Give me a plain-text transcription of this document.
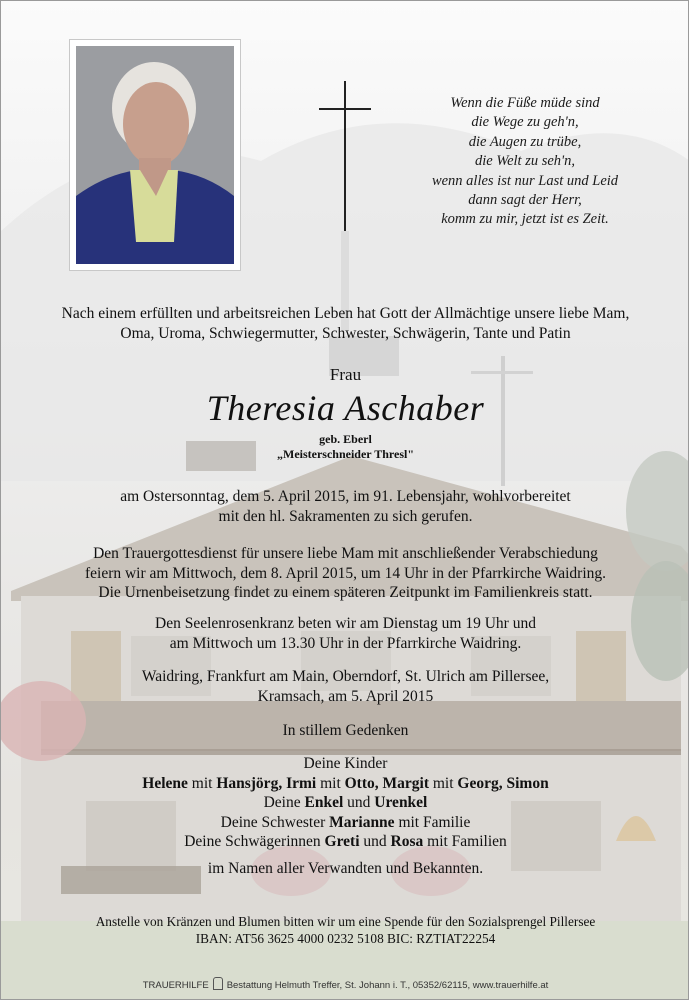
Wenn die Füße müde sind
die Wege zu geh'n,
die Augen zu trübe,
die Welt zu seh'n,
wenn alles ist nur Last und Leid
dann sagt der Herr,
komm zu mir, jetzt ist es Zeit.
Nach einem erfüllten und arbeitsreichen Leben hat Gott der Allmächtige unsere liebe Mam,
Oma, Uroma, Schwiegermutter, Schwester, Schwägerin, Tante und Patin
Frau
Theresia Aschaber
geb. Eberl
„Meisterschneider Thresl"
am Ostersonntag, dem 5. April 2015, im 91. Lebensjahr, wohlvorbereitet
mit den hl. Sakramenten zu sich gerufen.
Den Trauergottesdienst für unsere liebe Mam mit anschließender Verabschiedung
feiern wir am Mittwoch, dem 8. April 2015, um 14 Uhr in der Pfarrkirche Waidring.
Die Urnenbeisetzung findet zu einem späteren Zeitpunkt im Familienkreis statt.
Den Seelenrosenkranz beten wir am Dienstag um 19 Uhr und
am Mittwoch um 13.30 Uhr in der Pfarrkirche Waidring.
Waidring, Frankfurt am Main, Oberndorf, St. Ulrich am Pillersee,
Kramsach, am 5. April 2015
In stillem Gedenken
Deine Kinder
Helene mit Hansjörg, Irmi mit Otto, Margit mit Georg, Simon
Deine Enkel und Urenkel
Deine Schwester Marianne mit Familie
Deine Schwägerinnen Greti und Rosa mit Familien
im Namen aller Verwandten und Bekannten.
Anstelle von Kränzen und Blumen bitten wir um eine Spende für den Sozialsprengel Pillersee
IBAN: AT56 3625 4000 0232 5108 BIC: RZTIAT22254
TRAUERHILFE Bestattung Helmuth Treffer, St. Johann i. T., 05352/62115, www.trauerhilfe.at
